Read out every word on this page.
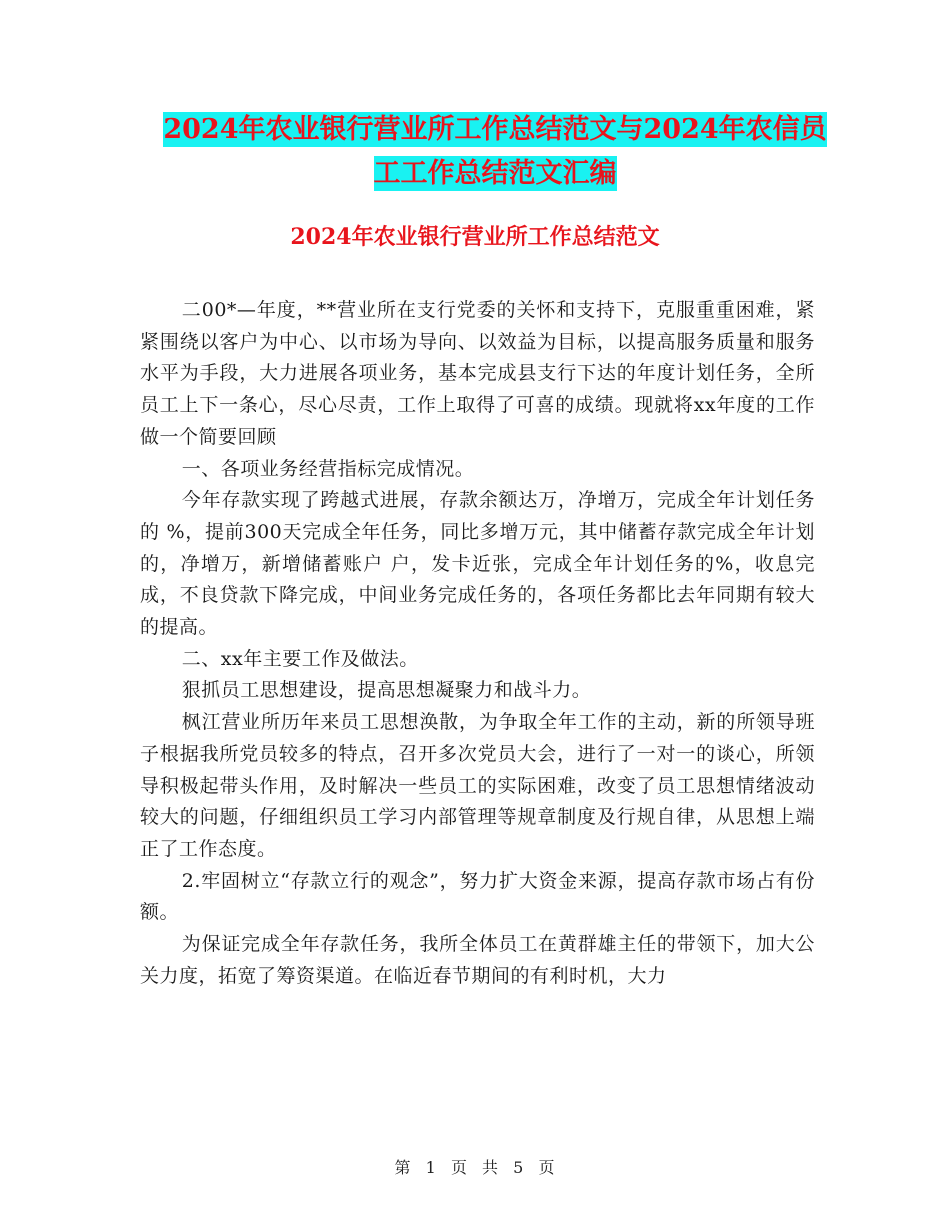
2024年农业银行营业所工作总结范文与2024年农信员
工工作总结范文汇编
2024年农业银行营业所工作总结范文

二00*—年度，**营业所在支行党委的关怀和支持下，克服重重困难，紧紧围绕以客户为中心、以市场为导向、以效益为目标，以提高服务质量和服务水平为手段，大力进展各项业务，基本完成县支行下达的年度计划任务，全所员工上下一条心，尽心尽责，工作上取得了可喜的成绩。现就将xx年度的工作做一个简要回顾

一、各项业务经营指标完成情况。

今年存款实现了跨越式进展，存款余额达万，净增万，完成全年计划任务的 %，提前300天完成全年任务，同比多增万元，其中储蓄存款完成全年计划的，净增万，新增储蓄账户 户，发卡近张，完成全年计划任务的%，收息完成，不良贷款下降完成，中间业务完成任务的，各项任务都比去年同期有较大的提高。

二、xx年主要工作及做法。

狠抓员工思想建设，提高思想凝聚力和战斗力。

枫江营业所历年来员工思想涣散，为争取全年工作的主动，新的所领导班子根据我所党员较多的特点，召开多次党员大会，进行了一对一的谈心，所领导积极起带头作用，及时解决一些员工的实际困难，改变了员工思想情绪波动较大的问题，仔细组织员工学习内部管理等规章制度及行规自律，从思想上端正了工作态度。

2.牢固树立“存款立行的观念”，努力扩大资金来源，提高存款市场占有份额。

为保证完成全年存款任务，我所全体员工在黄群雄主任的带领下，加大公关力度，拓宽了筹资渠道。在临近春节期间的有利时机，大力

第 1 页 共 5 页
